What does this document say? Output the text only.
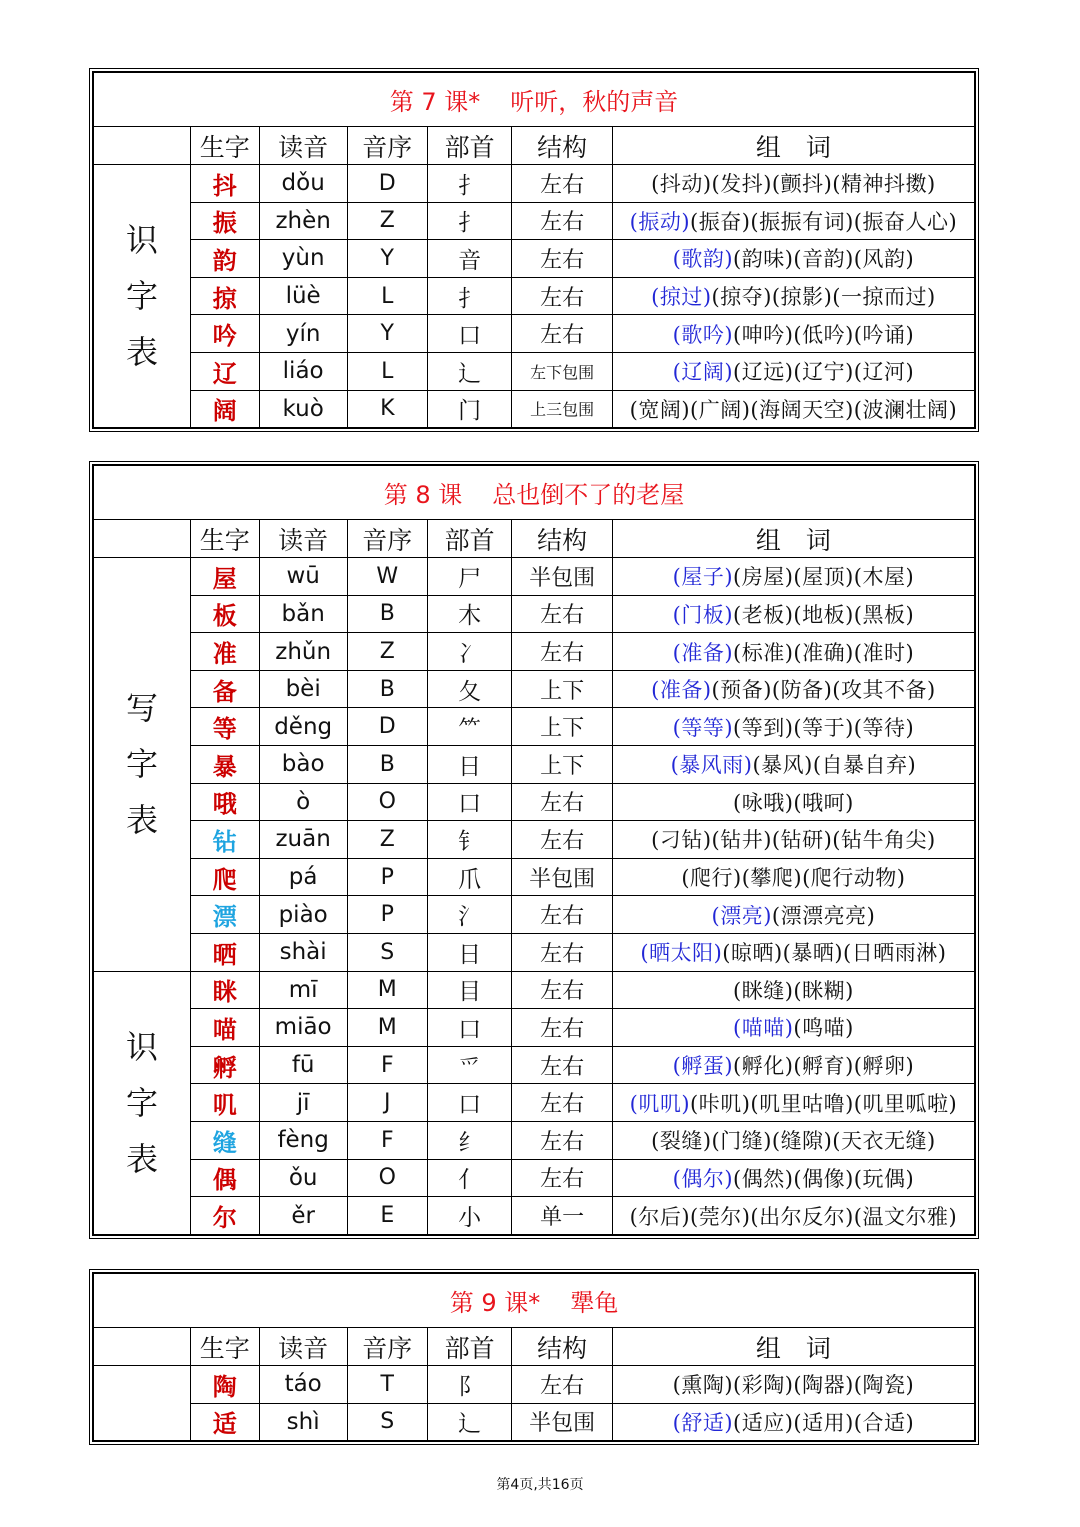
第 7 课* 听听，秋的声音						
	生字	读音	音序	部首	结构	组　词
识
字
表	抖	dǒu	D	扌	左右	(抖动)(发抖)(颤抖)(精神抖擞)
	振	zhèn	Z	扌	左右	(振动)(振奋)(振振有词)(振奋人心)
	韵	yùn	Y	音	左右	(歌韵)(韵味)(音韵)(风韵)
	掠	lüè	L	扌	左右	(掠过)(掠夺)(掠影)(一掠而过)
	吟	yín	Y	口	左右	(歌吟)(呻吟)(低吟)(吟诵)
	辽	liáo	L	辶	左下包围	(辽阔)(辽远)(辽宁)(辽河)
	阔	kuò	K	门	上三包围	(宽阔)(广阔)(海阔天空)(波澜壮阔)
第 8 课 总也倒不了的老屋						
	生字	读音	音序	部首	结构	组　词
写
字
表	屋	wū	W	尸	半包围	(屋子)(房屋)(屋顶)(木屋)
	板	bǎn	B	木	左右	(门板)(老板)(地板)(黑板)
	准	zhǔn	Z	冫	左右	(准备)(标准)(准确)(准时)
	备	bèi	B	夂	上下	(准备)(预备)(防备)(攻其不备)
	等	děng	D	⺮	上下	(等等)(等到)(等于)(等待)
	暴	bào	B	日	上下	(暴风雨)(暴风)(自暴自弃)
	哦	ò	O	口	左右	(咏哦)(哦呵)
	钻	zuān	Z	钅	左右	(刁钻)(钻井)(钻研)(钻牛角尖)
	爬	pá	P	爪	半包围	(爬行)(攀爬)(爬行动物)
	漂	piào	P	氵	左右	(漂亮)(漂漂亮亮)
	晒	shài	S	日	左右	(晒太阳)(晾晒)(暴晒)(日晒雨淋)
识
字
表	眯	mī	M	目	左右	(眯缝)(眯糊)
	喵	miāo	M	口	左右	(喵喵)(鸣喵)
	孵	fū	F	爫	左右	(孵蛋)(孵化)(孵育)(孵卵)
	叽	jī	J	口	左右	(叽叽)(咔叽)(叽里咕噜)(叽里呱啦)
	缝	fèng	F	纟	左右	(裂缝)(门缝)(缝隙)(天衣无缝)
	偶	ǒu	O	亻	左右	(偶尔)(偶然)(偶像)(玩偶)
	尔	ěr	E	小	单一	(尔后)(莞尔)(出尔反尔)(温文尔雅)
第 9 课* 犟龟						
	生字	读音	音序	部首	结构	组　词
	陶	táo	T	阝	左右	(熏陶)(彩陶)(陶器)(陶瓷)
	适	shì	S	辶	半包围	(舒适)(适应)(适用)(合适)
第4页,共16页
